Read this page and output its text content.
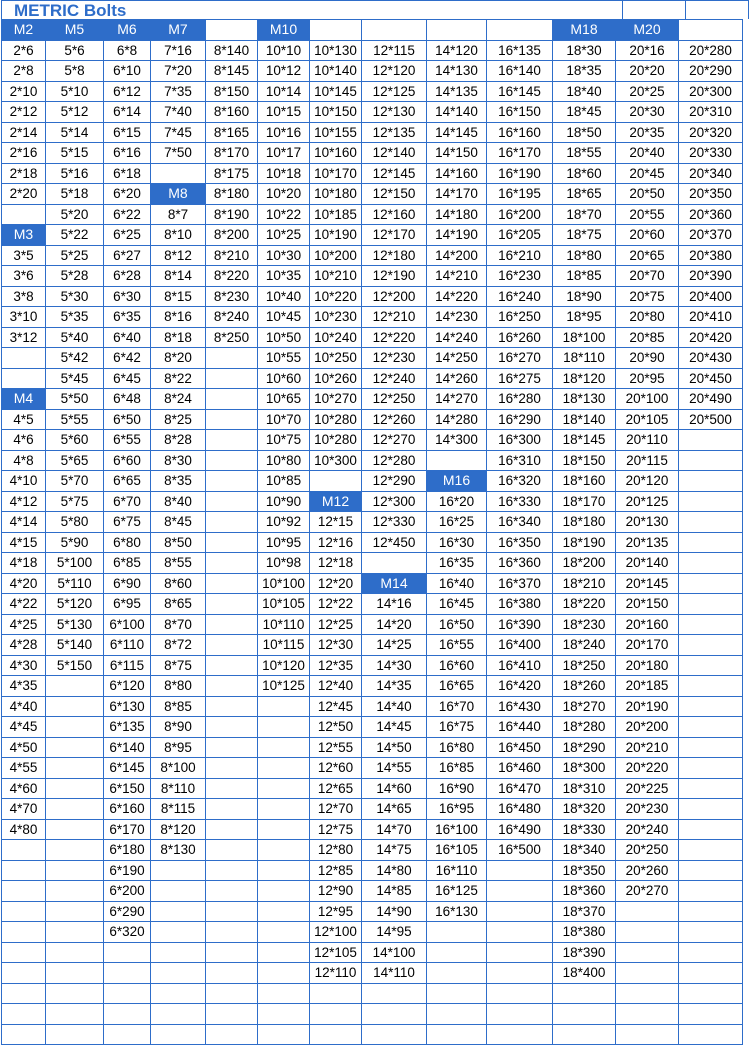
METRIC Bolts
M2	M5	M6	M7		M10					M18	M20	
2*6	5*6	6*8	7*16	8*140	10*10	10*130	12*115	14*120	16*135	18*30	20*16	20*280
2*8	5*8	6*10	7*20	8*145	10*12	10*140	12*120	14*130	16*140	18*35	20*20	20*290
2*10	5*10	6*12	7*35	8*150	10*14	10*145	12*125	14*135	16*145	18*40	20*25	20*300
2*12	5*12	6*14	7*40	8*160	10*15	10*150	12*130	14*140	16*150	18*45	20*30	20*310
2*14	5*14	6*15	7*45	8*165	10*16	10*155	12*135	14*145	16*160	18*50	20*35	20*320
2*16	5*15	6*16	7*50	8*170	10*17	10*160	12*140	14*150	16*170	18*55	20*40	20*330
2*18	5*16	6*18		8*175	10*18	10*170	12*145	14*160	16*190	18*60	20*45	20*340
2*20	5*18	6*20	M8	8*180	10*20	10*180	12*150	14*170	16*195	18*65	20*50	20*350
	5*20	6*22	8*7	8*190	10*22	10*185	12*160	14*180	16*200	18*70	20*55	20*360
M3	5*22	6*25	8*10	8*200	10*25	10*190	12*170	14*190	16*205	18*75	20*60	20*370
3*5	5*25	6*27	8*12	8*210	10*30	10*200	12*180	14*200	16*210	18*80	20*65	20*380
3*6	5*28	6*28	8*14	8*220	10*35	10*210	12*190	14*210	16*230	18*85	20*70	20*390
3*8	5*30	6*30	8*15	8*230	10*40	10*220	12*200	14*220	16*240	18*90	20*75	20*400
3*10	5*35	6*35	8*16	8*240	10*45	10*230	12*210	14*230	16*250	18*95	20*80	20*410
3*12	5*40	6*40	8*18	8*250	10*50	10*240	12*220	14*240	16*260	18*100	20*85	20*420
	5*42	6*42	8*20		10*55	10*250	12*230	14*250	16*270	18*110	20*90	20*430
	5*45	6*45	8*22		10*60	10*260	12*240	14*260	16*275	18*120	20*95	20*450
M4	5*50	6*48	8*24		10*65	10*270	12*250	14*270	16*280	18*130	20*100	20*490
4*5	5*55	6*50	8*25		10*70	10*280	12*260	14*280	16*290	18*140	20*105	20*500
4*6	5*60	6*55	8*28		10*75	10*280	12*270	14*300	16*300	18*145	20*110	
4*8	5*65	6*60	8*30		10*80	10*300	12*280		16*310	18*150	20*115	
4*10	5*70	6*65	8*35		10*85		12*290	M16	16*320	18*160	20*120	
4*12	5*75	6*70	8*40		10*90	M12	12*300	16*20	16*330	18*170	20*125	
4*14	5*80	6*75	8*45		10*92	12*15	12*330	16*25	16*340	18*180	20*130	
4*15	5*90	6*80	8*50		10*95	12*16	12*450	16*30	16*350	18*190	20*135	
4*18	5*100	6*85	8*55		10*98	12*18		16*35	16*360	18*200	20*140	
4*20	5*110	6*90	8*60		10*100	12*20	M14	16*40	16*370	18*210	20*145	
4*22	5*120	6*95	8*65		10*105	12*22	14*16	16*45	16*380	18*220	20*150	
4*25	5*130	6*100	8*70		10*110	12*25	14*20	16*50	16*390	18*230	20*160	
4*28	5*140	6*110	8*72		10*115	12*30	14*25	16*55	16*400	18*240	20*170	
4*30	5*150	6*115	8*75		10*120	12*35	14*30	16*60	16*410	18*250	20*180	
4*35		6*120	8*80		10*125	12*40	14*35	16*65	16*420	18*260	20*185	
4*40		6*130	8*85			12*45	14*40	16*70	16*430	18*270	20*190	
4*45		6*135	8*90			12*50	14*45	16*75	16*440	18*280	20*200	
4*50		6*140	8*95			12*55	14*50	16*80	16*450	18*290	20*210	
4*55		6*145	8*100			12*60	14*55	16*85	16*460	18*300	20*220	
4*60		6*150	8*110			12*65	14*60	16*90	16*470	18*310	20*225	
4*70		6*160	8*115			12*70	14*65	16*95	16*480	18*320	20*230	
4*80		6*170	8*120			12*75	14*70	16*100	16*490	18*330	20*240	
		6*180	8*130			12*80	14*75	16*105	16*500	18*340	20*250	
		6*190				12*85	14*80	16*110		18*350	20*260	
		6*200				12*90	14*85	16*125		18*360	20*270	
		6*290				12*95	14*90	16*130		18*370		
		6*320				12*100	14*95			18*380		
						12*105	14*100			18*390		
						12*110	14*110			18*400		
